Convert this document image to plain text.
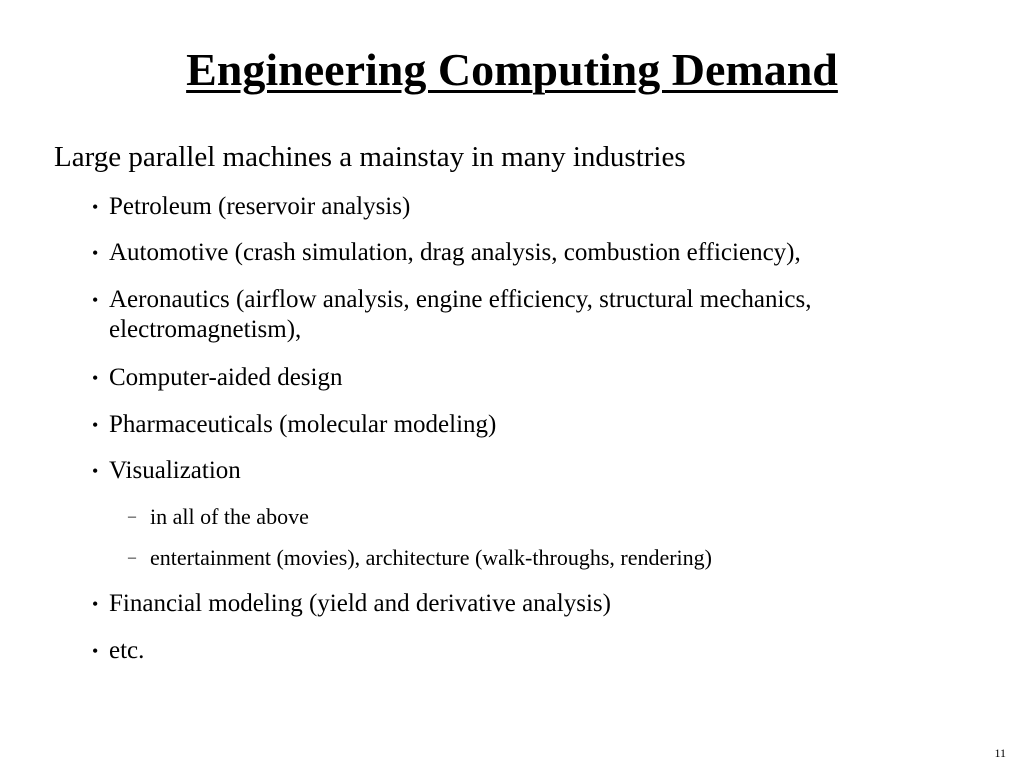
Engineering Computing Demand

Large parallel machines a mainstay in many industries

• Petroleum (reservoir analysis)
• Automotive (crash simulation, drag analysis, combustion efficiency),
• Aeronautics (airflow analysis, engine efficiency, structural mechanics, electromagnetism),
• Computer-aided design
• Pharmaceuticals (molecular modeling)
• Visualization
– in all of the above
– entertainment (movies), architecture (walk-throughs, rendering)
• Financial modeling (yield and derivative analysis)
• etc.
11
